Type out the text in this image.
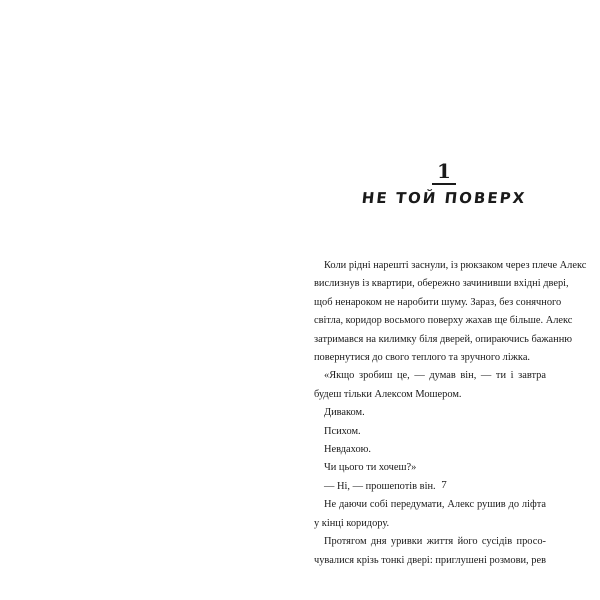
1
НЕ ТОЙ ПОВЕРХ
Коли рідні нарешті заснули, із рюкзаком через плече Алекс
вислизнув із квартири, обережно зачинивши вхідні двері,
щоб ненароком не наробити шуму. Зараз, без сонячного
світла, коридор восьмого поверху жахав ще більше. Алекс
затримався на килимку біля дверей, опираючись бажанню
повернутися до свого теплого та зручного ліжка.
«Якщо зробиш це, — думав він, — ти і завтра
будеш тільки Алексом Мошером.
Диваком.
Психом.
Невдахою.
Чи цього ти хочеш?»
— Ні, — прошепотів він.
Не даючи собі передумати, Алекс рушив до ліфта
у кінці коридору.
Протягом дня уривки життя його сусідів просо-
чувалися крізь тонкі двері: приглушені розмови, рев
7
